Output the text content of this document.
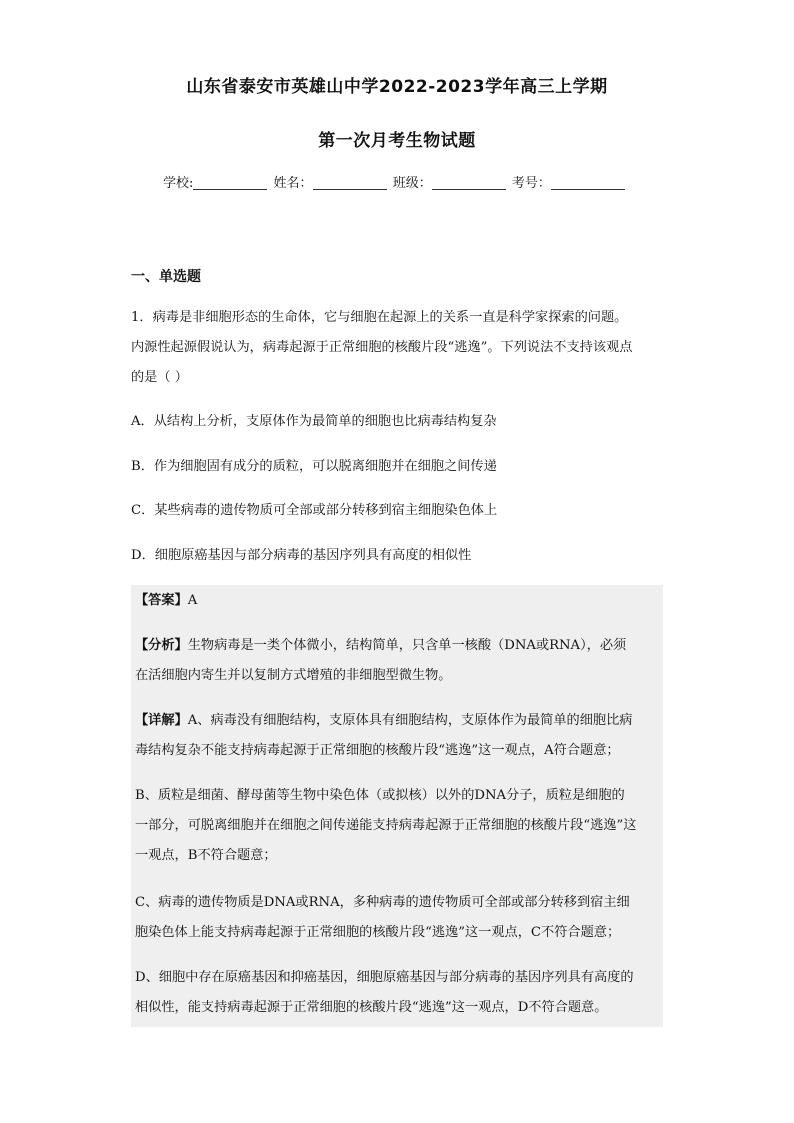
山东省泰安市英雄山中学2022-2023学年高三上学期
第一次月考生物试题
学校:	姓名：	班级：	考号：
一、单选题
1．病毒是非细胞形态的生命体，它与细胞在起源上的关系一直是科学家探索的问题。
内源性起源假说认为，病毒起源于正常细胞的核酸片段“逃逸”。下列说法不支持该观点
的是（ ）
A．从结构上分析，支原体作为最简单的细胞也比病毒结构复杂
B．作为细胞固有成分的质粒，可以脱离细胞并在细胞之间传递
C．某些病毒的遗传物质可全部或部分转移到宿主细胞染色体上
D．细胞原癌基因与部分病毒的基因序列具有高度的相似性
【答案】A
【分析】生物病毒是一类个体微小，结构简单，只含单一核酸（DNA或RNA），必须
在活细胞内寄生并以复制方式增殖的非细胞型微生物。
【详解】A、病毒没有细胞结构，支原体具有细胞结构，支原体作为最简单的细胞比病
毒结构复杂不能支持病毒起源于正常细胞的核酸片段“逃逸”这一观点，A符合题意；
B、质粒是细菌、酵母菌等生物中染色体（或拟核）以外的DNA分子，质粒是细胞的
一部分，可脱离细胞并在细胞之间传递能支持病毒起源于正常细胞的核酸片段“逃逸”这
一观点，B不符合题意；
C、病毒的遗传物质是DNA或RNA，多种病毒的遗传物质可全部或部分转移到宿主细
胞染色体上能支持病毒起源于正常细胞的核酸片段“逃逸”这一观点，C不符合题意；
D、细胞中存在原癌基因和抑癌基因，细胞原癌基因与部分病毒的基因序列具有高度的
相似性，能支持病毒起源于正常细胞的核酸片段“逃逸”这一观点，D不符合题意。
